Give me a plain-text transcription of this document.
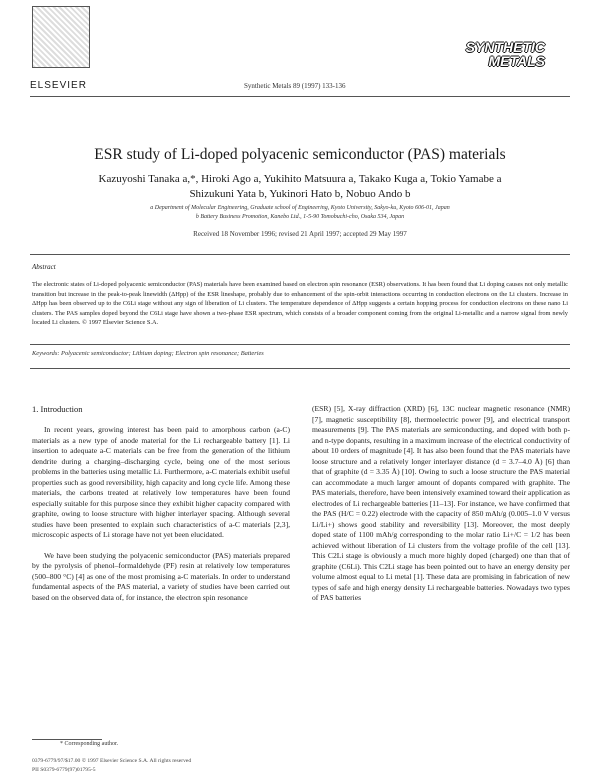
ELSEVIER	Synthetic Metals 89 (1997) 133-136
SYNTHETIC
METALS
ESR study of Li-doped polyacenic semiconductor (PAS) materials
Kazuyoshi Tanaka a,*, Hiroki Ago a, Yukihito Matsuura a, Takako Kuga a, Tokio Yamabe a
Shizukuni Yata b, Yukinori Hato b, Nobuo Ando b
a Department of Molecular Engineering, Graduate school of Engineering, Kyoto University, Sakyo-ku, Kyoto 606-01, Japan
b Battery Business Promotion, Kanebo Ltd., 1-5-90 Tomobuchi-cho, Osaka 534, Japan
Received 18 November 1996; revised 21 April 1997; accepted 29 May 1997
Abstract
The electronic states of Li-doped polyacenic semiconductor (PAS) materials have been examined based on electron spin resonance (ESR) observations. It has been found that Li doping causes not only metallic transition but increase in the peak-to-peak linewidth (ΔHpp) of the ESR lineshape, probably due to enhancement of the spin-orbit interactions occurring in conduction electrons on the Li clusters. Increase in ΔHpp has been observed up to the C6Li stage without any sign of liberation of Li clusters. The temperature dependence of ΔHpp suggests a certain hopping process for conduction electrons on these nano Li clusters. The PAS samples doped beyond the C6Li stage have shown a two-phase ESR spectrum, which consists of a broader component coming from the original Li-metallic and a narrow signal from newly located Li clusters. © 1997 Elsevier Science S.A.
Keywords: Polyacenic semiconductor; Lithium doping; Electron spin resonance; Batteries
1. Introduction

In recent years, growing interest has been paid to amorphous carbon (a-C) materials as a new type of anode material for the Li rechargeable battery [1]. Li insertion to adequate a-C materials can be free from the generation of the lithium dendrite during a charging–discharging cycle, being one of the most serious problems in the batteries using metallic Li. Furthermore, a-C materials exhibit useful properties such as good reversibility, high capacity and long cycle life. Among these materials, the carbons treated at relatively low temperatures have been found especially suitable for this purpose since they exhibit higher capacity compared with graphite, owing to loose structure with higher interlayer spacing. Although several studies have been presented to explain such characteristics of a-C materials [2,3], microscopic aspects of Li storage have not yet been elucidated.

We have been studying the polyacenic semiconductor (PAS) materials prepared by the pyrolysis of phenol–formaldehyde (PF) resin at relatively low temperatures (500–800 °C) [4] as one of the most promising a-C materials. In order to understand fundamental aspects of the PAS material, a variety of studies have been carried out based on the observed data of, for instance, the electron spin resonance

(ESR) [5], X-ray diffraction (XRD) [6], 13C nuclear magnetic resonance (NMR) [7], magnetic susceptibility [8], thermoelectric power [9], and electrical transport measurements [9]. The PAS materials are semiconducting, and doped with both p- and n-type dopants, resulting in a maximum increase of the electrical conductivity of about 10 orders of magnitude [4]. It has also been found that the PAS materials have loose structure and a relatively longer interlayer distance (d = 3.7–4.0 Å) [6] than that of graphite (d = 3.35 Å) [10]. Owing to such a loose structure the PAS material can accommodate a much larger amount of dopants compared with graphite. The PAS materials, therefore, have been intensively examined toward their application as electrodes of Li rechargeable batteries [11–13]. For instance, we have confirmed that the PAS (H/C = 0.22) electrode with the capacity of 850 mAh/g (0.005–1.0 V versus Li/Li+) shows good stability and reversibility [13]. Moreover, the most deeply doped state of 1100 mAh/g corresponding to the molar ratio Li+/C = 1/2 has been achieved without liberation of Li clusters from the voltage profile of the cell [13]. This C2Li stage is obviously a much more highly doped (charged) one than that of graphite (C6Li). This C2Li stage has been pointed out to have an energy density per volume almost equal to Li metal [1]. These data are promising in fabrication of new types of safe and high energy density Li rechargeable batteries. Nowadays two types of PAS batteries

* Corresponding author.
0379-6779/97/$17.00 © 1997 Elsevier Science S.A. All rights reserved
PII S0379-6779(97)01795-5
